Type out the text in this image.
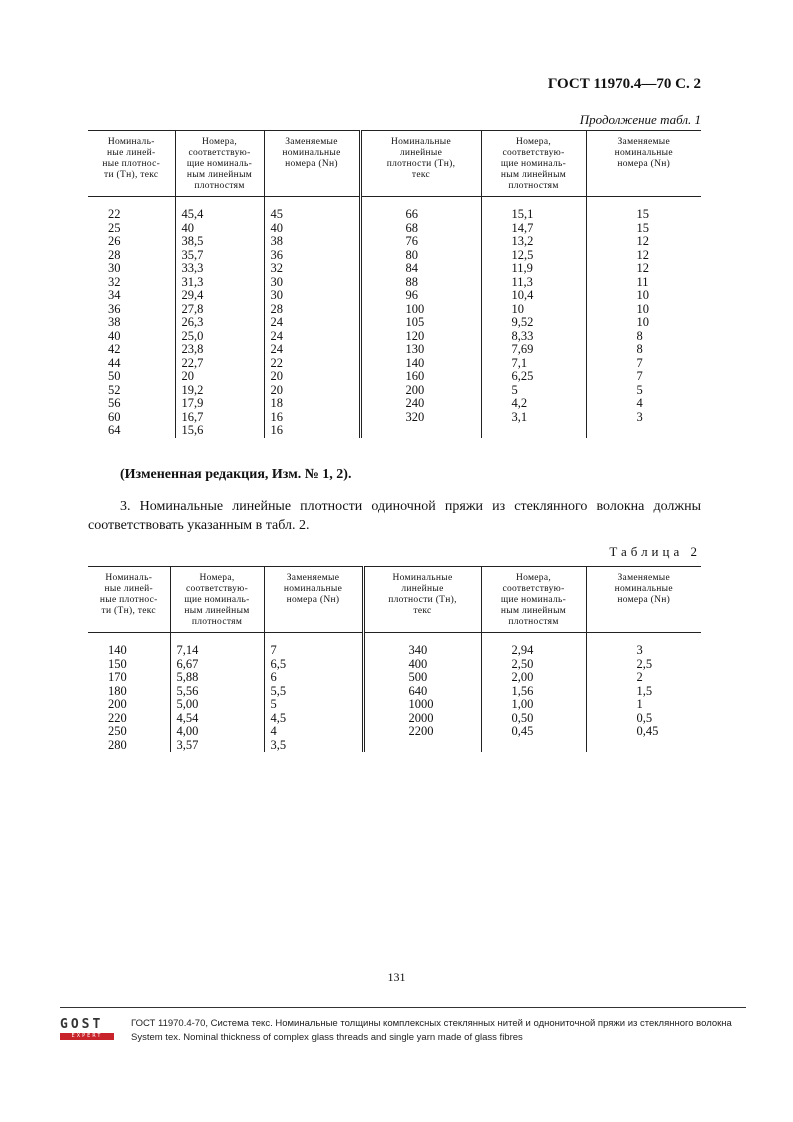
ГОСТ 11970.4—70 С. 2
Продолжение табл. 1
Номиналь-
ные линей-
ные плотнос-
ти (Tн), текс	Номера,
соответствую-
щие номиналь-
ным линейным
плотностям	Заменяемые
номинальные
номера (Nн)	Номинальные
линейные
плотности (Tн),
текс	Номера,
соответствую-
щие номиналь-
ным линейным
плотностям	Заменяемые
номинальные
номера (Nн)
22	45,4	45	66	15,1	15
25	40	40	68	14,7	15
26	38,5	38	76	13,2	12
28	35,7	36	80	12,5	12
30	33,3	32	84	11,9	12
32	31,3	30	88	11,3	11
34	29,4	30	96	10,4	10
36	27,8	28	100	10	10
38	26,3	24	105	9,52	10
40	25,0	24	120	8,33	8
42	23,8	24	130	7,69	8
44	22,7	22	140	7,1	7
50	20	20	160	6,25	7
52	19,2	20	200	5	5
56	17,9	18	240	4,2	4
60	16,7	16	320	3,1	3
64	15,6	16			
(Измененная редакция, Изм. № 1, 2).
3. Номинальные линейные плотности одиночной пряжи из стеклянного волокна должны соответствовать указанным в табл. 2.
Таблица 2
Номиналь-
ные линей-
ные плотнос-
ти (Tн), текс	Номера,
соответствую-
щие номиналь-
ным линейным
плотностям	Заменяемые
номинальные
номера (Nн)	Номинальные
линейные
плотности (Tн),
текс	Номера,
соответствую-
щие номиналь-
ным линейным
плотностям	Заменяемые
номинальные
номера (Nн)
140	7,14	7	340	2,94	3
150	6,67	6,5	400	2,50	2,5
170	5,88	6	500	2,00	2
180	5,56	5,5	640	1,56	1,5
200	5,00	5	1000	1,00	1
220	4,54	4,5	2000	0,50	0,5
250	4,00	4	2200	0,45	0,45
280	3,57	3,5			
131
GOST
EXPERT
ГОСТ 11970.4-70, Система текс. Номинальные толщины комплексных стеклянных нитей и однониточной пряжи из стеклянного волокна
System tex. Nominal thickness of complex glass threads and single yarn made of glass fibres
